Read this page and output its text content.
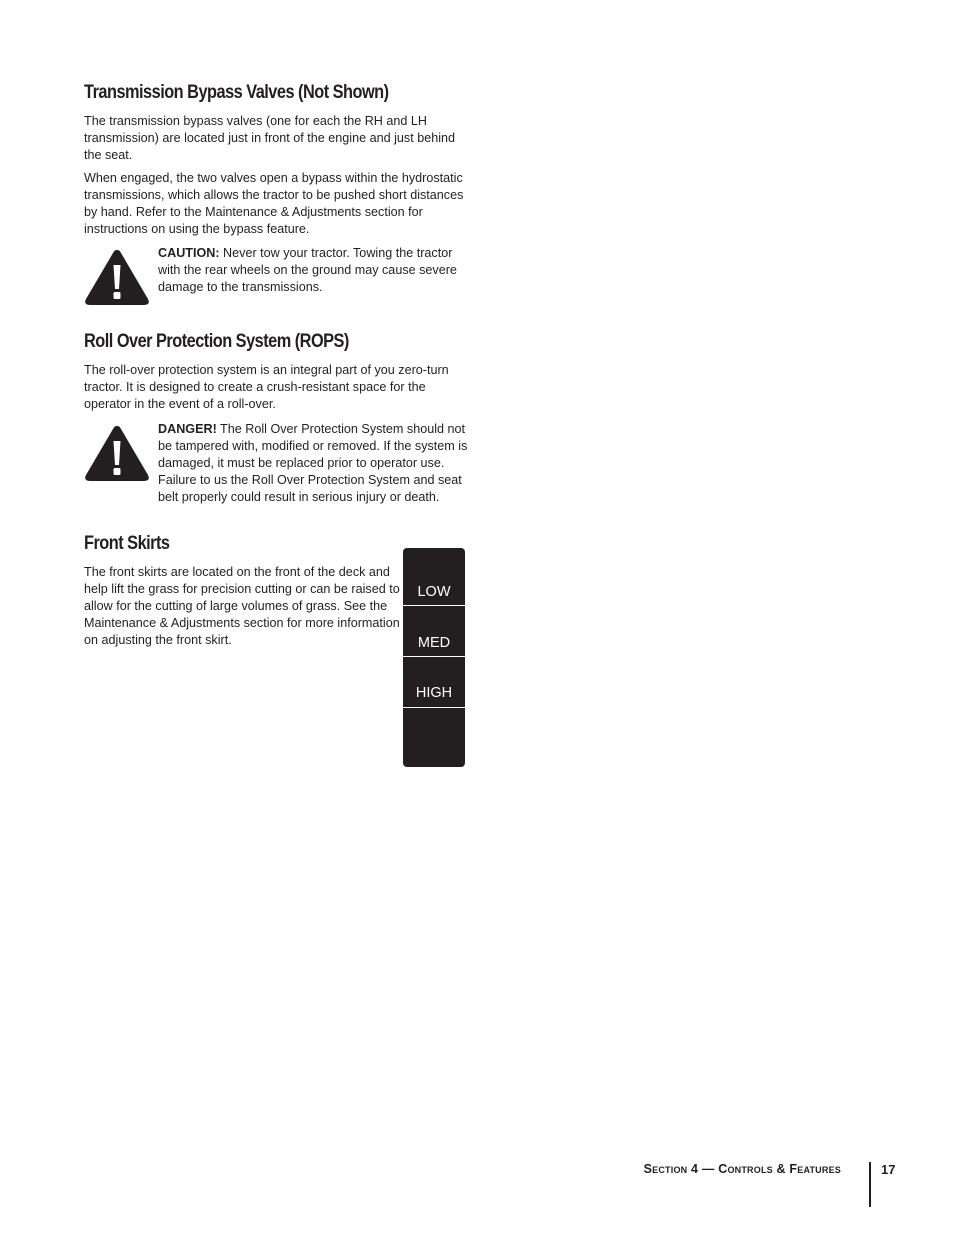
Transmission Bypass Valves (Not Shown)

The transmission bypass valves (one for each the RH and LH transmission) are located just in front of the engine and just behind the seat.

When engaged, the two valves open a bypass within the hydrostatic transmissions, which allows the tractor to be pushed short distances by hand. Refer to the Maintenance & Adjustments section for instructions on using the bypass feature.

CAUTION: Never tow your tractor. Towing the tractor with the rear wheels on the ground may cause severe damage to the transmissions.
Roll Over Protection System (ROPS)

The roll-over protection system is an integral part of you zero-turn tractor. It is designed to create a crush-resistant space for the operator in the event of a roll-over.

DANGER! The Roll Over Protection System should not be tampered with, modified or removed. If the system is damaged, it must be replaced prior to operator use. Failure to us the Roll Over Protection System and seat belt properly could result in serious injury or death.
Front Skirts

The front skirts are located on the front of the deck and help lift the grass for precision cutting or can be raised to allow for the cutting of large volumes of grass. See the Maintenance & Adjustments section for more information on adjusting the front skirt.

LOW
MED
HIGH
Section 4 — Controls & Features	17
